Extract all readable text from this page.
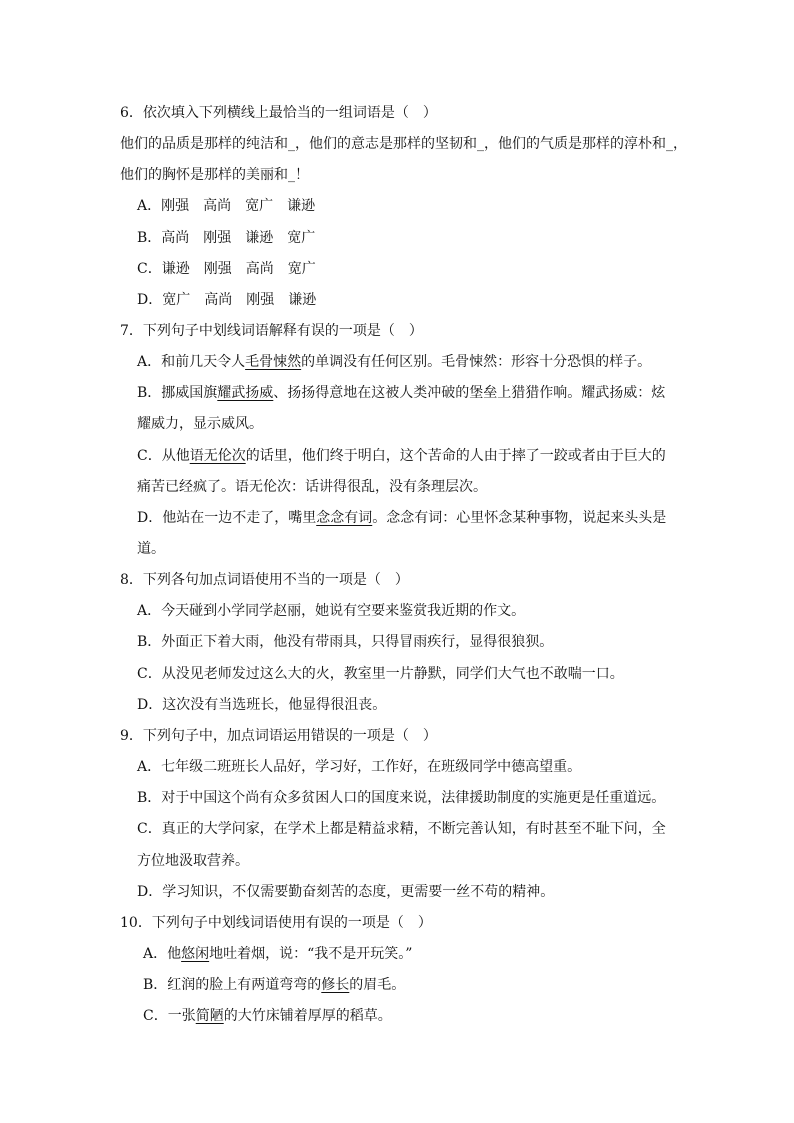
6．依次填入下列横线上最恰当的一组词语是（　）
他们的品质是那样的纯洁和_，他们的意志是那样的坚韧和_，他们的气质是那样的淳朴和_，
他们的胸怀是那样的美丽和_！
A．刚强　高尚　宽广　谦逊
B．高尚　刚强　谦逊　宽广
C．谦逊　刚强　高尚　宽广
D．宽广　高尚　刚强　谦逊
7．下列句子中划线词语解释有误的一项是（　）
A．和前几天令人毛骨悚然的单调没有任何区别。毛骨悚然：形容十分恐惧的样子。
B．挪威国旗耀武扬威、扬扬得意地在这被人类冲破的堡垒上猎猎作响。耀武扬威：炫
耀威力，显示威风。
C．从他语无伦次的话里，他们终于明白，这个苦命的人由于摔了一跤或者由于巨大的
痛苦已经疯了。语无伦次：话讲得很乱，没有条理层次。
D．他站在一边不走了，嘴里念念有词。念念有词：心里怀念某种事物，说起来头头是
道。
8．下列各句加点词语使用不当的一项是（　）
A．今天碰到小学同学赵丽，她说有空要来鉴赏我近期的作文。
B．外面正下着大雨，他没有带雨具，只得冒雨疾行，显得很狼狈。
C．从没见老师发过这么大的火，教室里一片静默，同学们大气也不敢喘一口。
D．这次没有当选班长，他显得很沮丧。
9．下列句子中，加点词语运用错误的一项是（　）
A．七年级二班班长人品好，学习好，工作好，在班级同学中德高望重。
B．对于中国这个尚有众多贫困人口的国度来说，法律援助制度的实施更是任重道远。
C．真正的大学问家，在学术上都是精益求精，不断完善认知，有时甚至不耻下问，全
方位地汲取营养。
D．学习知识，不仅需要勤奋刻苦的态度，更需要一丝不苟的精神。
10．下列句子中划线词语使用有误的一项是（　）
A．他悠闲地吐着烟，说：“我不是开玩笑。”
B．红润的脸上有两道弯弯的修长的眉毛。
C．一张简陋的大竹床铺着厚厚的稻草。
